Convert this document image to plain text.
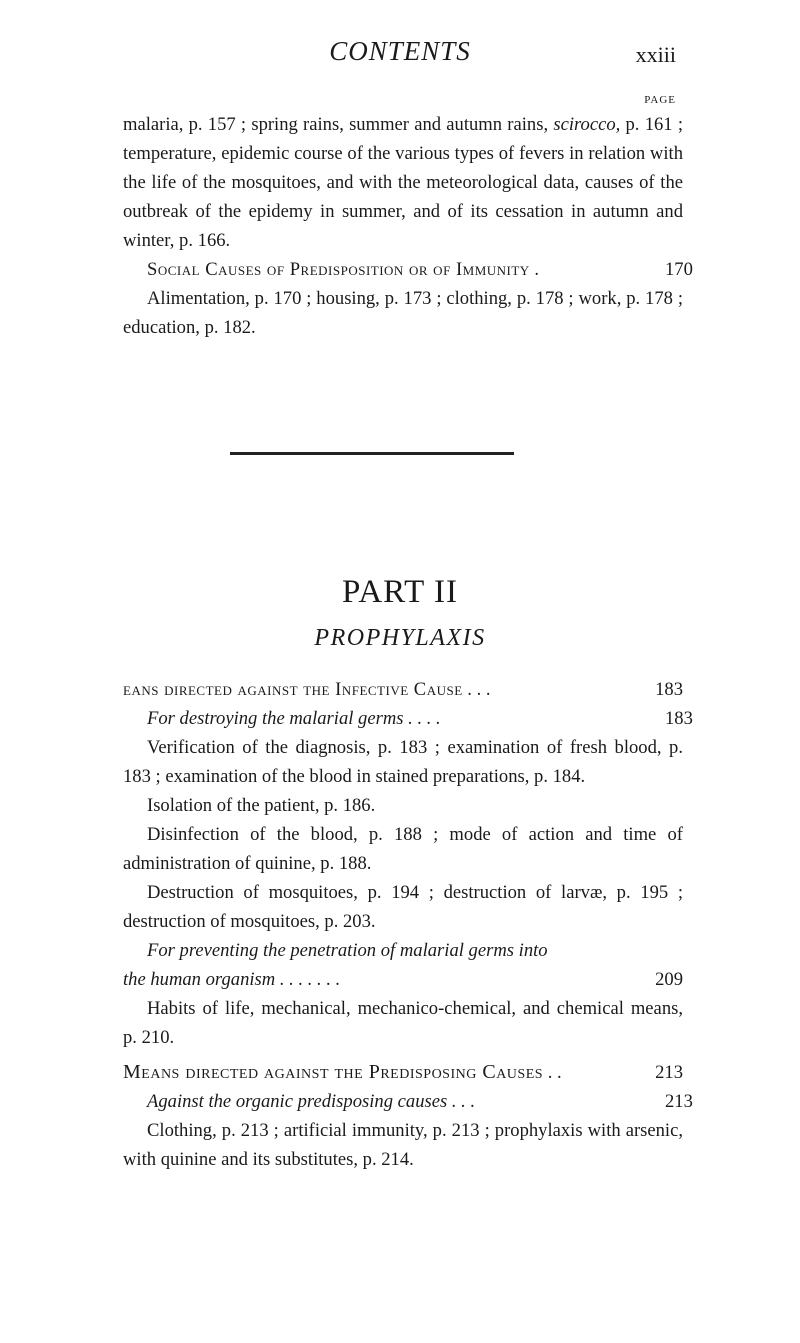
CONTENTS	xxiii
PAGE

malaria, p. 157 ; spring rains, summer and autumn rains, scirocco, p. 161 ; temperature, epidemic course of the various types of fevers in relation with the life of the mosquitoes, and with the meteorological data, causes of the outbreak of the epidemy in summer, and of its cessation in autumn and winter, p. 166.

Social Causes of Predisposition or of Immunity .	170

Alimentation, p. 170 ; housing, p. 173 ; clothing, p. 178 ; work, p. 178 ; education, p. 182.

PART II
PROPHYLAXIS
eans directed against the Infective Cause . . .	183
For destroying the malarial germs . . . .	183

Verification of the diagnosis, p. 183 ; examination of fresh blood, p. 183 ; examination of the blood in stained preparations, p. 184.

Isolation of the patient, p. 186.

Disinfection of the blood, p. 188 ; mode of action and time of administration of quinine, p. 188.

Destruction of mosquitoes, p. 194 ; destruction of larvæ, p. 195 ; destruction of mosquitoes, p. 203.

For preventing the penetration of malarial germs into

the human organism . . . . . . .	209

Habits of life, mechanical, mechanico-chemical, and chemical means, p. 210.

Means directed against the Predisposing Causes . .	213
Against the organic predisposing causes . . .	213

Clothing, p. 213 ; artificial immunity, p. 213 ; prophylaxis with arsenic, with quinine and its substitutes, p. 214.
